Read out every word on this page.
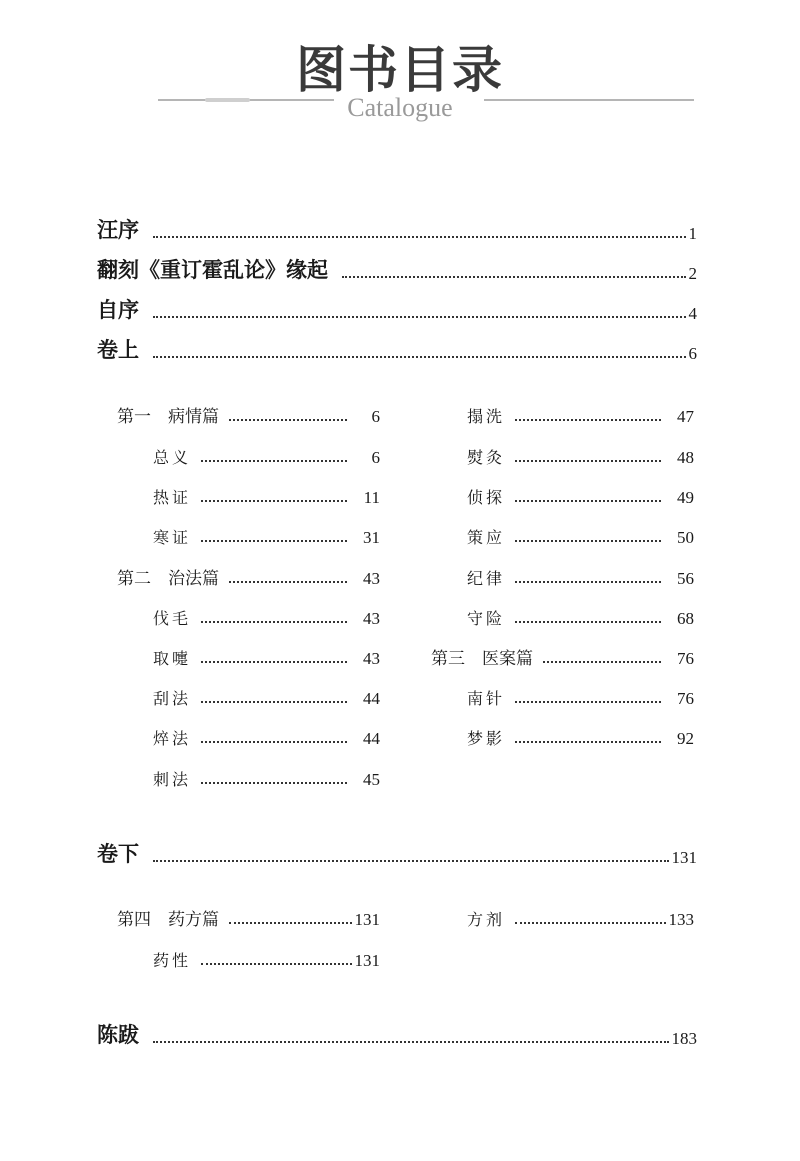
图书目录
Catalogue
汪序	1
翻刻《重订霍乱论》缘起	2
自序	4
卷上	6
第一　病情篇	6
总义	6
热证	11
寒证	31
第二　治法篇	43
伐毛	43
取嚏	43
刮法	44
焠法	44
刺法	45
搨洗	47
熨灸	48
侦探	49
策应	50
纪律	56
守险	68
第三　医案篇	76
南针	76
梦影	92
卷下	131
第四　药方篇	131
药性	131
方剂	133
陈跋	183
